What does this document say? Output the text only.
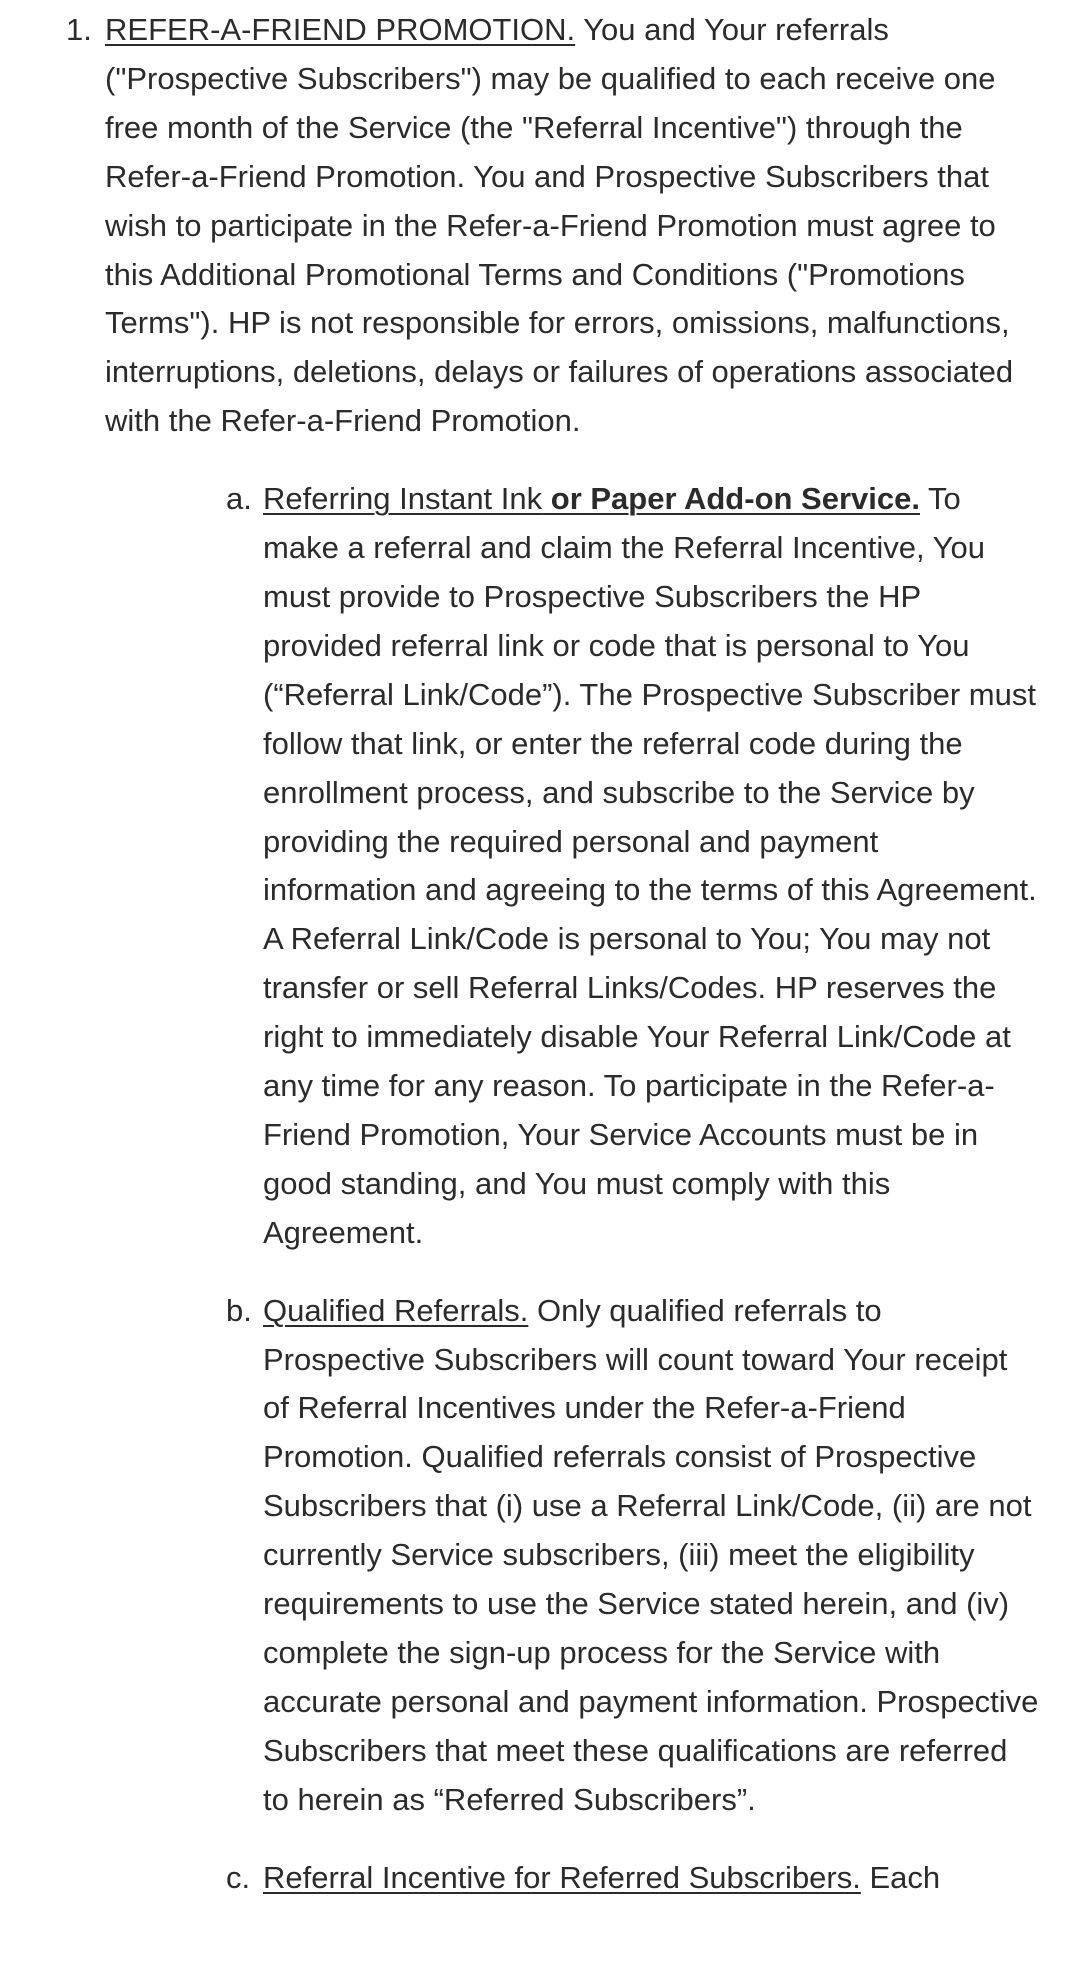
1. REFER-A-FRIEND PROMOTION. You and Your referrals ("Prospective Subscribers") may be qualified to each receive one free month of the Service (the "Referral Incentive") through the Refer-a-Friend Promotion. You and Prospective Subscribers that wish to participate in the Refer-a-Friend Promotion must agree to this Additional Promotional Terms and Conditions ("Promotions Terms"). HP is not responsible for errors, omissions, malfunctions, interruptions, deletions, delays or failures of operations associated with the Refer-a-Friend Promotion.
a. Referring Instant Ink or Paper Add-on Service. To make a referral and claim the Referral Incentive, You must provide to Prospective Subscribers the HP provided referral link or code that is personal to You (“Referral Link/Code”). The Prospective Subscriber must follow that link, or enter the referral code during the enrollment process, and subscribe to the Service by providing the required personal and payment information and agreeing to the terms of this Agreement. A Referral Link/Code is personal to You; You may not transfer or sell Referral Links/Codes. HP reserves the right to immediately disable Your Referral Link/Code at any time for any reason. To participate in the Refer-a-Friend Promotion, Your Service Accounts must be in good standing, and You must comply with this Agreement.
b. Qualified Referrals. Only qualified referrals to Prospective Subscribers will count toward Your receipt of Referral Incentives under the Refer-a-Friend Promotion. Qualified referrals consist of Prospective Subscribers that (i) use a Referral Link/Code, (ii) are not currently Service subscribers, (iii) meet the eligibility requirements to use the Service stated herein, and (iv) complete the sign-up process for the Service with accurate personal and payment information. Prospective Subscribers that meet these qualifications are referred to herein as “Referred Subscribers”.
c. Referral Incentive for Referred Subscribers. Each
